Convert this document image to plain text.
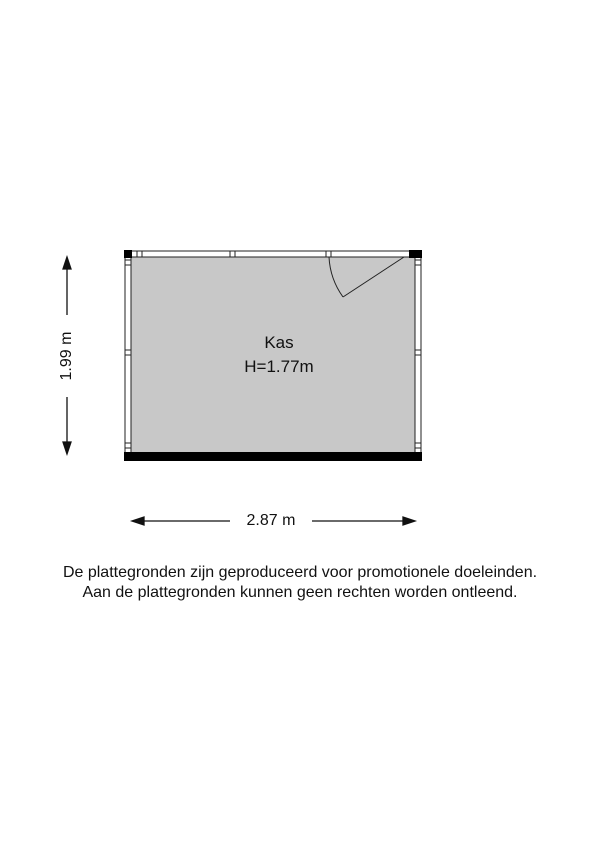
Kas
H=1.77m
2.87 m
1.99 m
De plattegronden zijn geproduceerd voor promotionele doeleinden.
Aan de plattegronden kunnen geen rechten worden ontleend.
